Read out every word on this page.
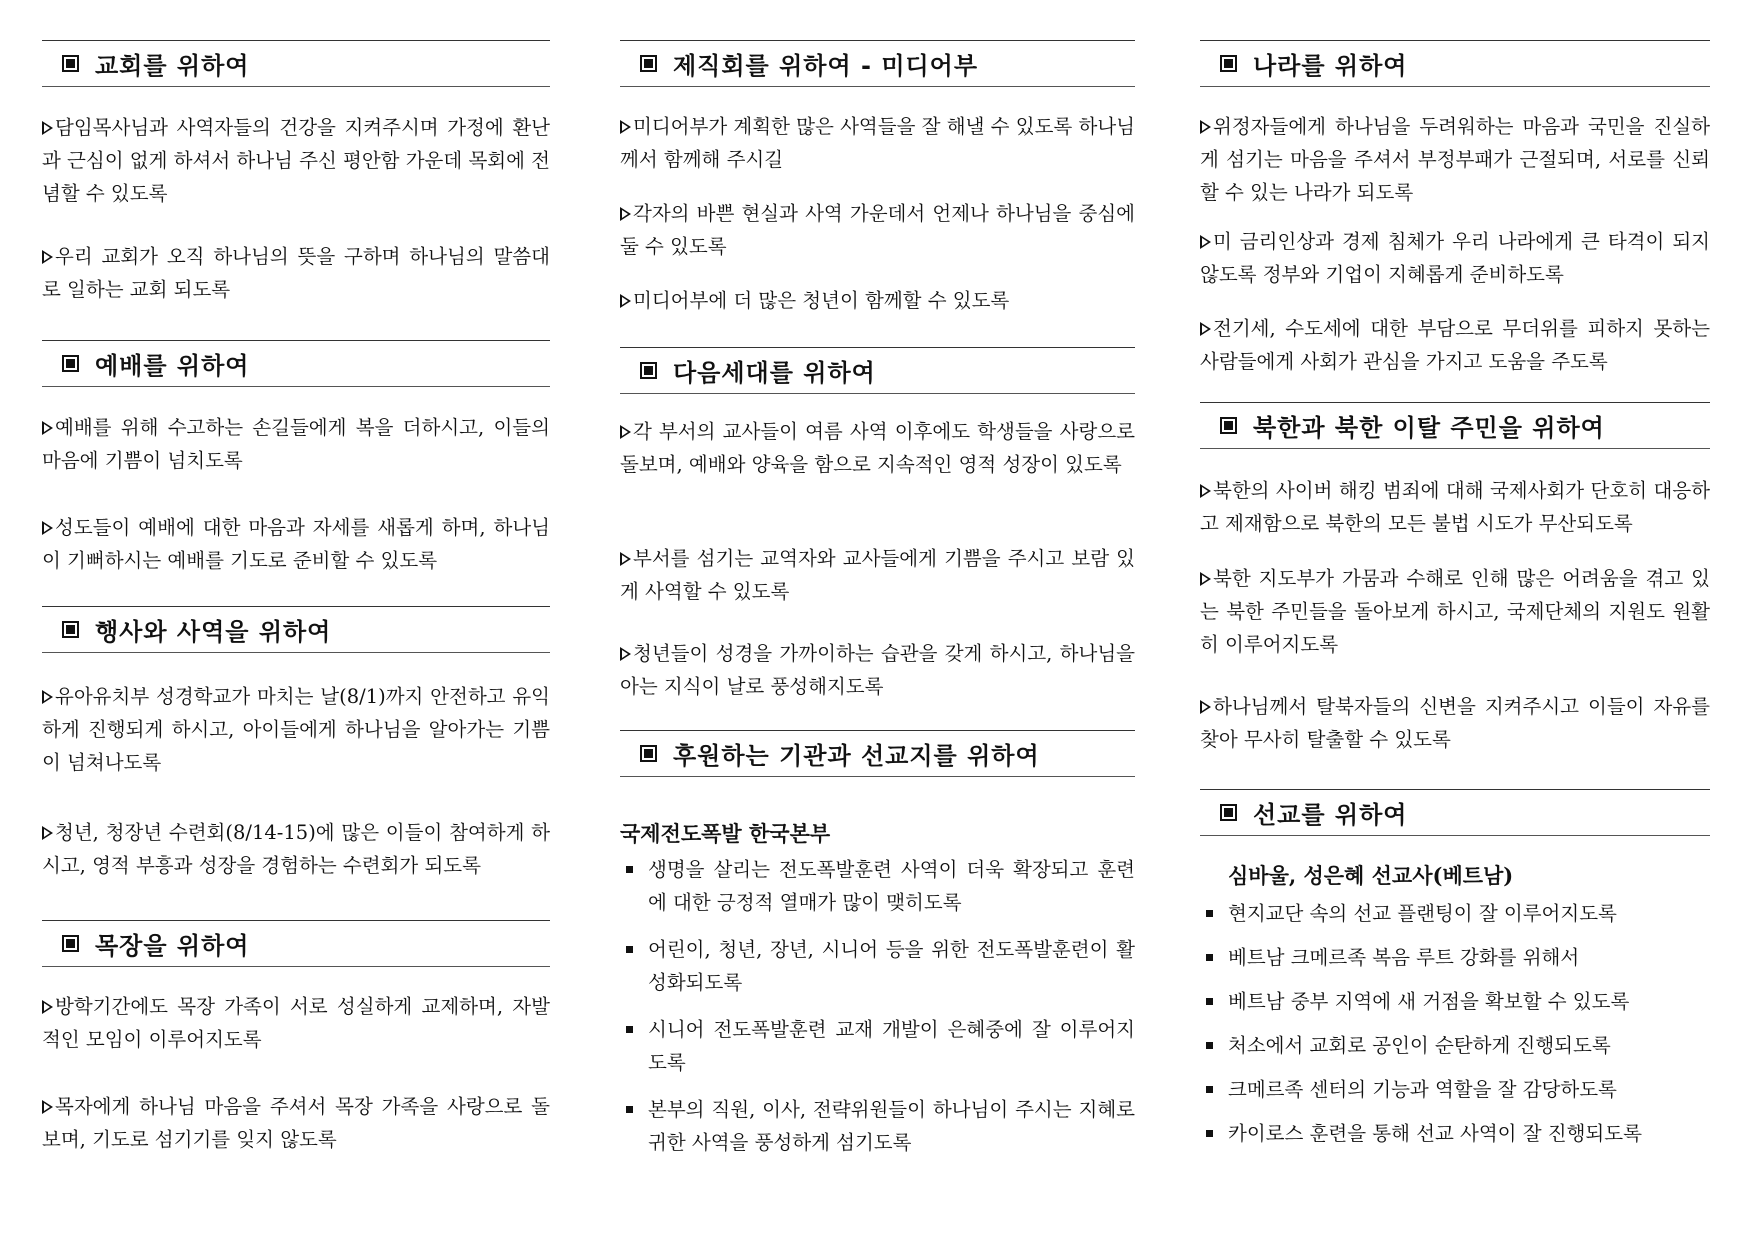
교회를 위하여

담임목사님과 사역자들의 건강을 지켜주시며 가정에 환난과 근심이 없게 하셔서 하나님 주신 평안함 가운데 목회에 전념할 수 있도록

우리 교회가 오직 하나님의 뜻을 구하며 하나님의 말씀대로 일하는 교회 되도록

예배를 위하여

예배를 위해 수고하는 손길들에게 복을 더하시고, 이들의 마음에 기쁨이 넘치도록

성도들이 예배에 대한 마음과 자세를 새롭게 하며, 하나님이 기뻐하시는 예배를 기도로 준비할 수 있도록

행사와 사역을 위하여

유아유치부 성경학교가 마치는 날(8/1)까지 안전하고 유익하게 진행되게 하시고, 아이들에게 하나님을 알아가는 기쁨이 넘쳐나도록

청년, 청장년 수련회(8/14-15)에 많은 이들이 참여하게 하시고, 영적 부흥과 성장을 경험하는 수련회가 되도록

목장을 위하여

방학기간에도 목장 가족이 서로 성실하게 교제하며, 자발적인 모임이 이루어지도록

목자에게 하나님 마음을 주셔서 목장 가족을 사랑으로 돌보며, 기도로 섬기기를 잊지 않도록

제직회를 위하여 - 미디어부

미디어부가 계획한 많은 사역들을 잘 해낼 수 있도록 하나님께서 함께해 주시길

각자의 바쁜 현실과 사역 가운데서 언제나 하나님을 중심에 둘 수 있도록

미디어부에 더 많은 청년이 함께할 수 있도록

다음세대를 위하여

각 부서의 교사들이 여름 사역 이후에도 학생들을 사랑으로 돌보며, 예배와 양육을 함으로 지속적인 영적 성장이 있도록

부서를 섬기는 교역자와 교사들에게 기쁨을 주시고 보람 있게 사역할 수 있도록

청년들이 성경을 가까이하는 습관을 갖게 하시고, 하나님을 아는 지식이 날로 풍성해지도록

후원하는 기관과 선교지를 위하여
국제전도폭발 한국본부
생명을 살리는 전도폭발훈련 사역이 더욱 확장되고 훈련에 대한 긍정적 열매가 많이 맺히도록
어린이, 청년, 장년, 시니어 등을 위한 전도폭발훈련이 활성화되도록
시니어 전도폭발훈련 교재 개발이 은혜중에 잘 이루어지도록
본부의 직원, 이사, 전략위원들이 하나님이 주시는 지혜로 귀한 사역을 풍성하게 섬기도록
나라를 위하여

위정자들에게 하나님을 두려워하는 마음과 국민을 진실하게 섬기는 마음을 주셔서 부정부패가 근절되며, 서로를 신뢰할 수 있는 나라가 되도록

미 금리인상과 경제 침체가 우리 나라에게 큰 타격이 되지 않도록 정부와 기업이 지혜롭게 준비하도록

전기세, 수도세에 대한 부담으로 무더위를 피하지 못하는 사람들에게 사회가 관심을 가지고 도움을 주도록

북한과 북한 이탈 주민을 위하여

북한의 사이버 해킹 범죄에 대해 국제사회가 단호히 대응하고 제재함으로 북한의 모든 불법 시도가 무산되도록

북한 지도부가 가뭄과 수해로 인해 많은 어려움을 겪고 있는 북한 주민들을 돌아보게 하시고, 국제단체의 지원도 원활히 이루어지도록

하나님께서 탈북자들의 신변을 지켜주시고 이들이 자유를 찾아 무사히 탈출할 수 있도록

선교를 위하여
심바울, 성은혜 선교사(베트남)
현지교단 속의 선교 플랜팅이 잘 이루어지도록
베트남 크메르족 복음 루트 강화를 위해서
베트남 중부 지역에 새 거점을 확보할 수 있도록
처소에서 교회로 공인이 순탄하게 진행되도록
크메르족 센터의 기능과 역할을 잘 감당하도록
카이로스 훈련을 통해 선교 사역이 잘 진행되도록
